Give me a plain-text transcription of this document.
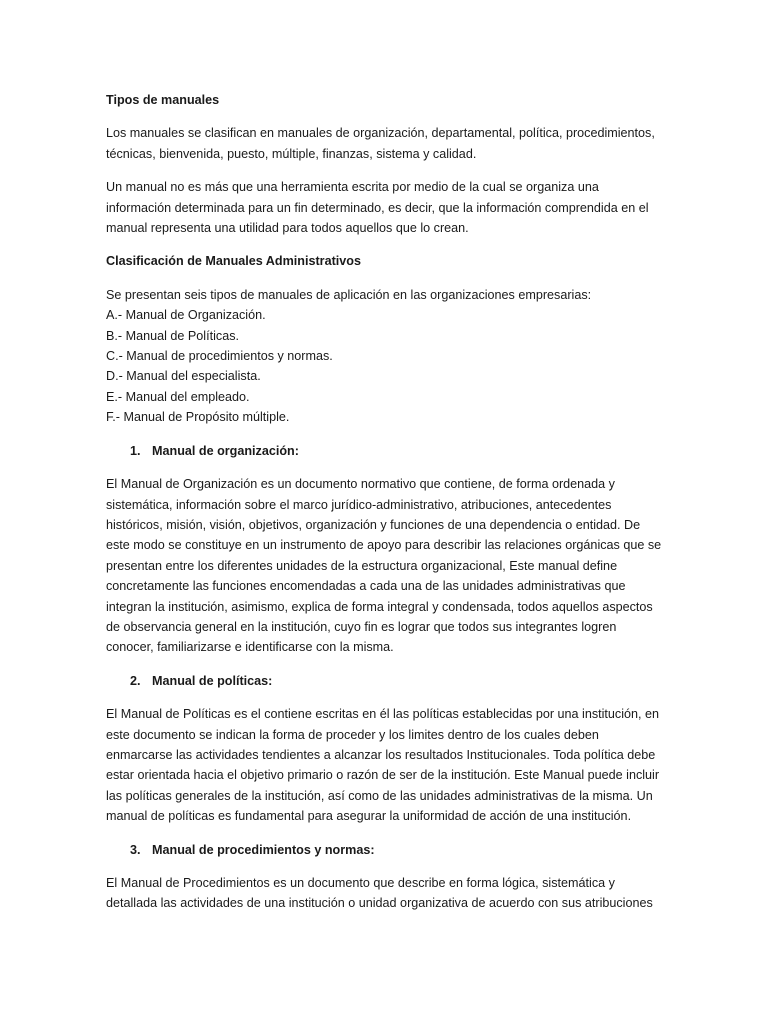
Tipos de manuales

Los manuales se clasifican en manuales de organización, departamental, política, procedimientos, técnicas, bienvenida, puesto, múltiple, finanzas, sistema y calidad.

Un manual no es más que una herramienta escrita por medio de la cual se organiza una información determinada para un fin determinado, es decir, que la información comprendida en el manual representa una utilidad para todos aquellos que lo crean.

Clasificación de Manuales Administrativos

Se presentan seis tipos de manuales de aplicación en las organizaciones empresarias:

A.- Manual de Organización.
B.- Manual de Políticas.
C.- Manual de procedimientos y normas.
D.- Manual del especialista.
E.- Manual del empleado.
F.- Manual de Propósito múltiple.
1. Manual de organización:

El Manual de Organización es un documento normativo que contiene, de forma ordenada y sistemática, información sobre el marco jurídico-administrativo, atribuciones, antecedentes históricos, misión, visión, objetivos, organización y funciones de una dependencia o entidad. De este modo se constituye en un instrumento de apoyo para describir las relaciones orgánicas que se presentan entre los diferentes unidades de la estructura organizacional, Este manual define concretamente las funciones encomendadas a cada una de las unidades administrativas que integran la institución, asimismo, explica de forma integral y condensada, todos aquellos aspectos de observancia general en la institución, cuyo fin es lograr que todos sus integrantes logren conocer, familiarizarse e identificarse con la misma.

2. Manual de políticas:

El Manual de Políticas es el contiene escritas en él las políticas establecidas por una institución, en este documento se indican la forma de proceder y los limites dentro de los cuales deben enmarcarse las actividades tendientes a alcanzar los resultados Institucionales. Toda política debe estar orientada hacia el objetivo primario o razón de ser de la institución. Este Manual puede incluir las políticas generales de la institución, así como de las unidades administrativas de la misma. Un manual de políticas es fundamental para asegurar la uniformidad de acción de una institución.

3. Manual de procedimientos y normas:

El Manual de Procedimientos es un documento que describe en forma lógica, sistemática y detallada las actividades de una institución o unidad organizativa de acuerdo con sus atribuciones
